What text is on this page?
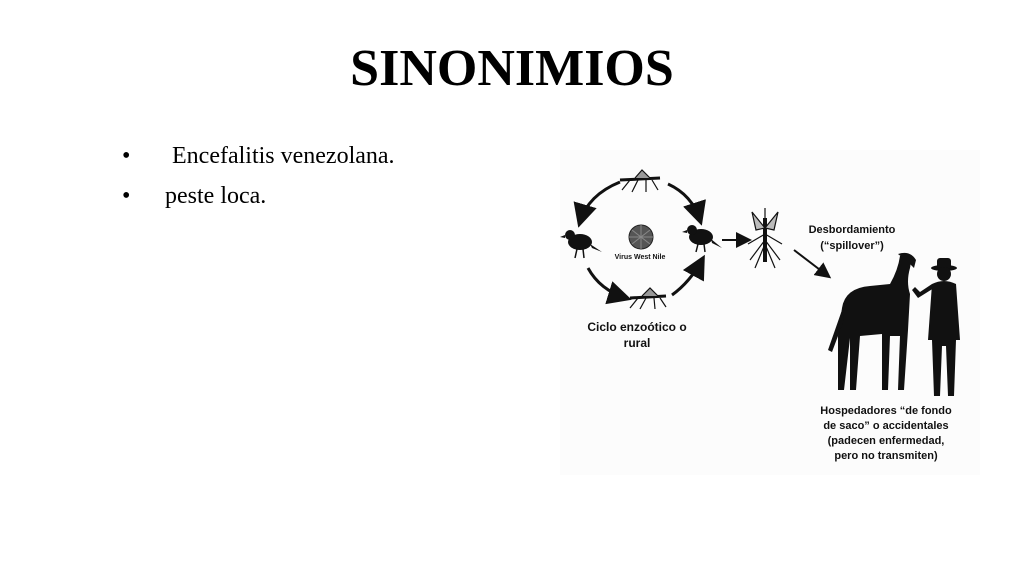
SINONIMIOS
•	Encefalitis venezolana.
•	peste loca.
Virus West Nile
Desbordamiento
(“spillover”)
Ciclo enzoótico o
rural
Hospedadores “de fondo
de saco” o accidentales
(padecen enfermedad,
pero no transmiten)
